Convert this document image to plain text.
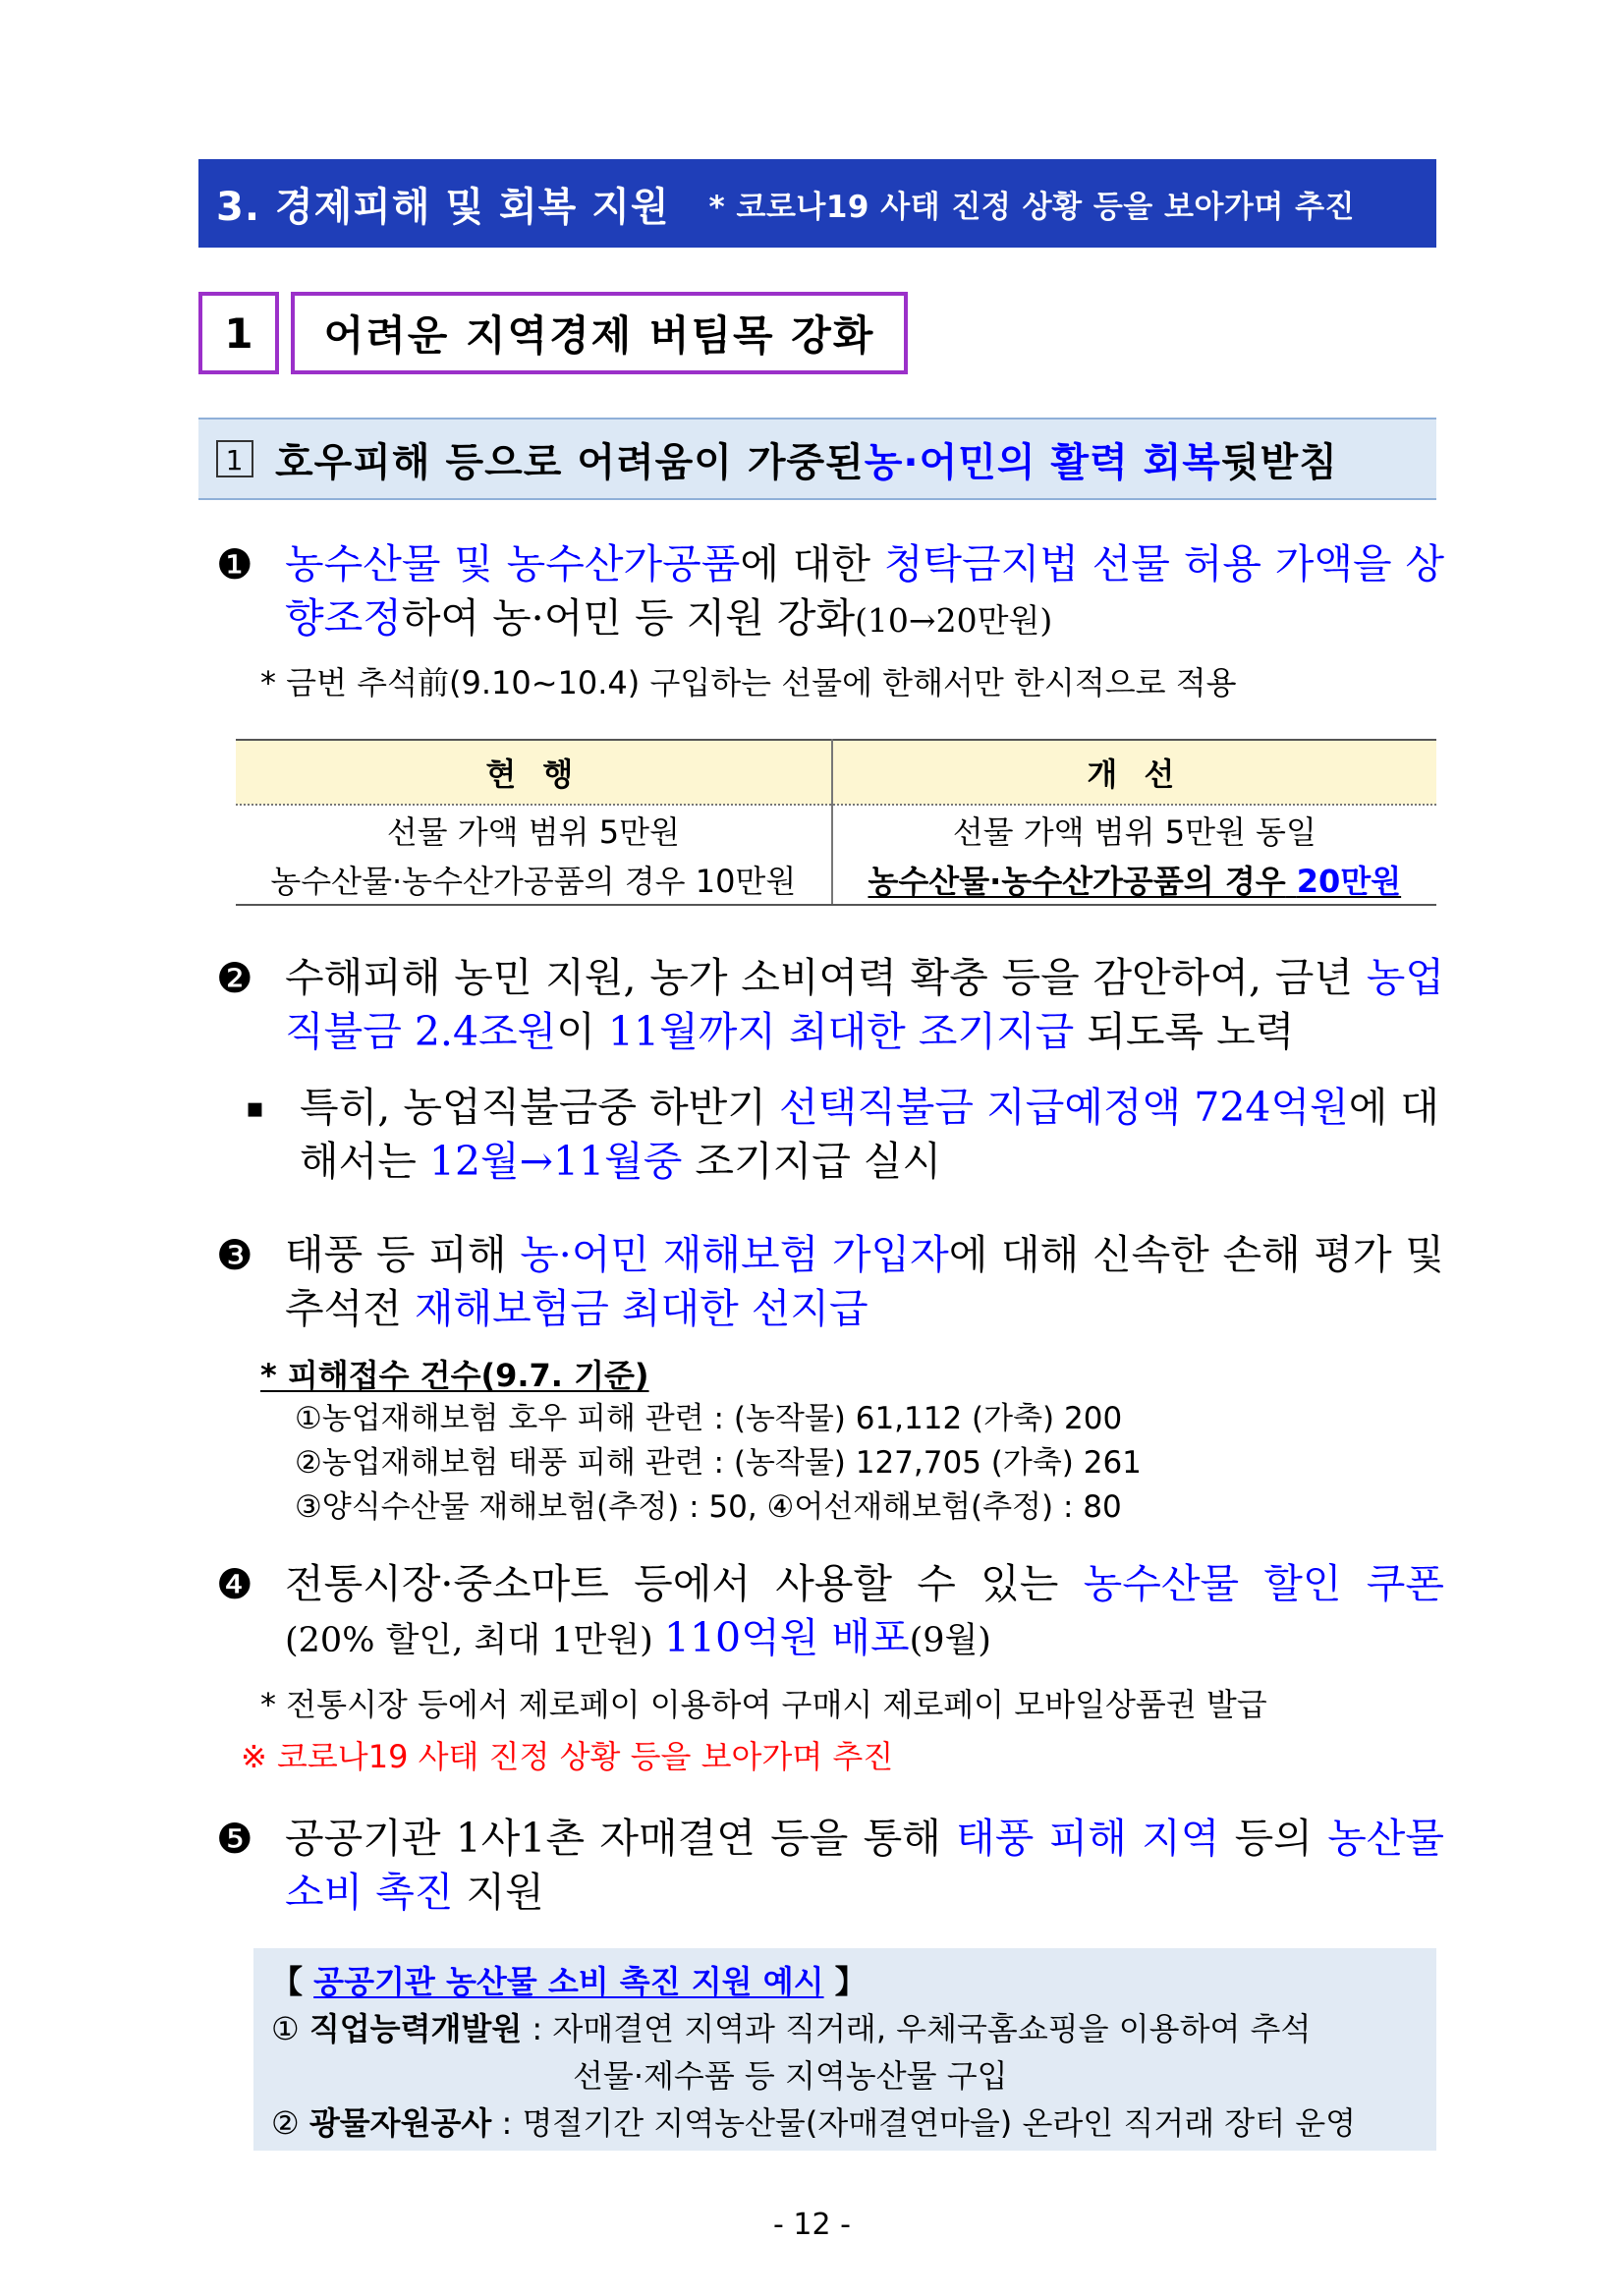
3. 경제피해 및 회복 지원 * 코로나19 사태 진정 상황 등을 보아가며 추진
1 어려운 지역경제 버팀목 강화
1 호우피해 등으로 어려움이 가중된 농·어민의 활력 회복 뒷받침
❶ 농수산물 및 농수산가공품에 대한 청탁금지법 선물 허용 가액을 상향조정하여 농·어민 등 지원 강화(10→20만원)
* 금번 추석前(9.10~10.4) 구입하는 선물에 한해서만 한시적으로 적용
현 행	개 선
선물 가액 범위 5만원	선물 가액 범위 5만원 동일
농수산물·농수산가공품의 경우 10만원	농수산물·농수산가공품의 경우 20만원
❷ 수해피해 농민 지원, 농가 소비여력 확충 등을 감안하여, 금년 농업직불금 2.4조원이 11월까지 최대한 조기지급 되도록 노력
▪ 특히, 농업직불금중 하반기 선택직불금 지급예정액 724억원에 대해서는 12월→11월중 조기지급 실시
❸ 태풍 등 피해 농·어민 재해보험 가입자에 대해 신속한 손해 평가 및 추석전 재해보험금 최대한 선지급
* 피해접수 건수(9.7. 기준)
①농업재해보험 호우 피해 관련 : (농작물) 61,112 (가축) 200
②농업재해보험 태풍 피해 관련 : (농작물) 127,705 (가축) 261
③양식수산물 재해보험(추정) : 50, ④어선재해보험(추정) : 80
❹ 전통시장·중소마트 등에서 사용할 수 있는 농수산물 할인 쿠폰(20% 할인, 최대 1만원) 110억원 배포(9월)
* 전통시장 등에서 제로페이 이용하여 구매시 제로페이 모바일상품권 발급
※ 코로나19 사태 진정 상황 등을 보아가며 추진
❺ 공공기관 1사1촌 자매결연 등을 통해 태풍 피해 지역 등의 농산물 소비 촉진 지원
【 공공기관 농산물 소비 촉진 지원 예시 】
① 직업능력개발원 : 자매결연 지역과 직거래, 우체국홈쇼핑을 이용하여 추석
선물·제수품 등 지역농산물 구입
② 광물자원공사 : 명절기간 지역농산물(자매결연마을) 온라인 직거래 장터 운영
- 12 -
